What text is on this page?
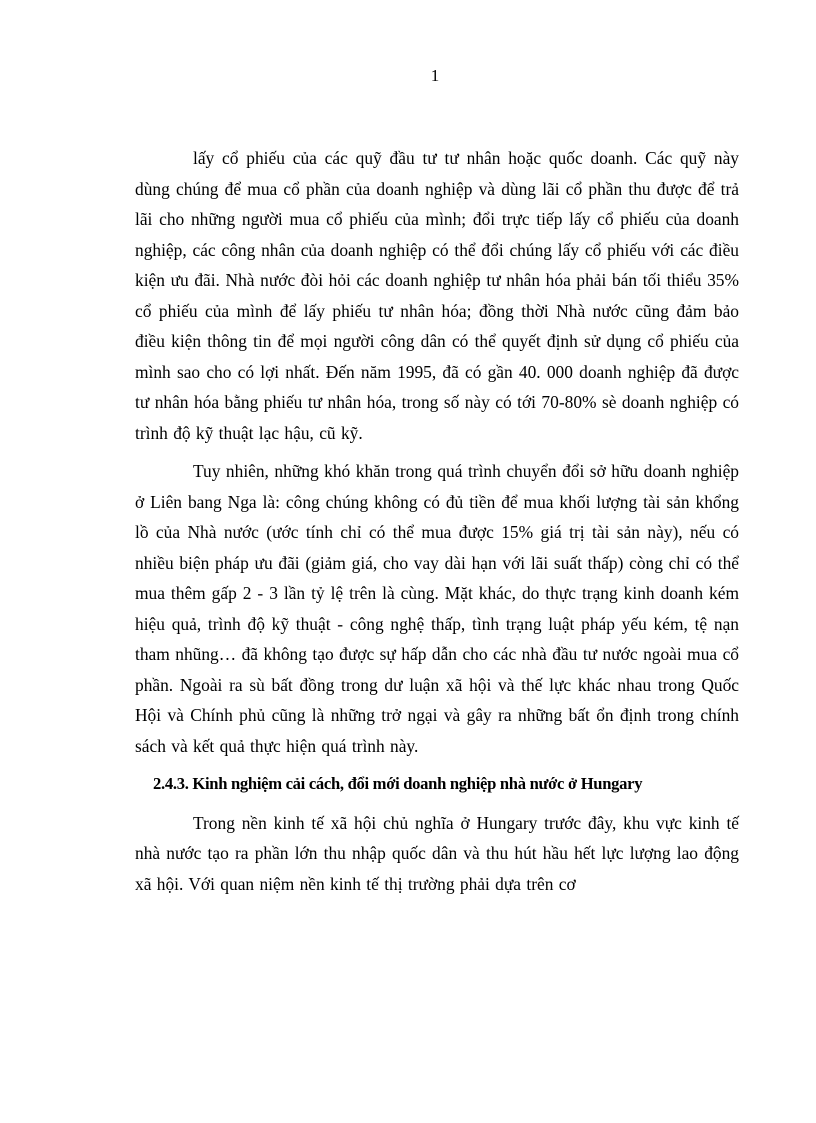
1

lấy cổ phiếu của các quỹ đầu tư tư nhân hoặc quốc doanh. Các quỹ này dùng chúng để mua cổ phần của doanh nghiệp và dùng lãi cổ phần thu được để trả lãi cho những người mua cổ phiếu của mình; đổi trực tiếp lấy cổ phiếu của doanh nghiệp, các công nhân của doanh nghiệp có thể đổi chúng lấy cổ phiếu với các điều kiện ưu đãi. Nhà nước đòi hỏi các doanh nghiệp tư nhân hóa phải bán tối thiểu 35% cổ phiếu của mình để lấy phiếu tư nhân hóa; đồng thời Nhà nước cũng đảm bảo điều kiện thông tin để mọi người công dân có thể quyết định sử dụng cổ phiếu của mình sao cho có lợi nhất. Đến năm 1995, đã có gần 40. 000 doanh nghiệp đã được tư nhân hóa bằng phiếu tư nhân hóa, trong số này có tới 70-80% sè doanh nghiệp có trình độ kỹ thuật lạc hậu, cũ kỹ.

Tuy nhiên, những khó khăn trong quá trình chuyển đổi sở hữu doanh nghiệp ở Liên bang Nga là: công chúng không có đủ tiền để mua khối lượng tài sản khổng lồ của Nhà nước (ước tính chỉ có thể mua được 15% giá trị tài sản này), nếu có nhiều biện pháp ưu đãi (giảm giá, cho vay dài hạn với lãi suất thấp) còng chỉ có thể mua thêm gấp 2 - 3 lần tỷ lệ trên là cùng. Mặt khác, do thực trạng kinh doanh kém hiệu quả, trình độ kỹ thuật - công nghệ thấp, tình trạng luật pháp yếu kém, tệ nạn tham nhũng… đã không tạo được sự hấp dẫn cho các nhà đầu tư nước ngoài mua cổ phần. Ngoài ra sù bất đồng trong dư luận xã hội và thế lực khác nhau trong Quốc Hội và Chính phủ cũng là những trở ngại và gây ra những bất ổn định trong chính sách và kết quả thực hiện quá trình này.

2.4.3. Kinh nghiệm cải cách, đổi mới doanh nghiệp nhà nước ở Hungary

Trong nền kinh tế xã hội chủ nghĩa ở Hungary trước đây, khu vực kinh tế nhà nước tạo ra phần lớn thu nhập quốc dân và thu hút hầu hết lực lượng lao động xã hội. Với quan niệm nền kinh tế thị trường phải dựa trên cơ
